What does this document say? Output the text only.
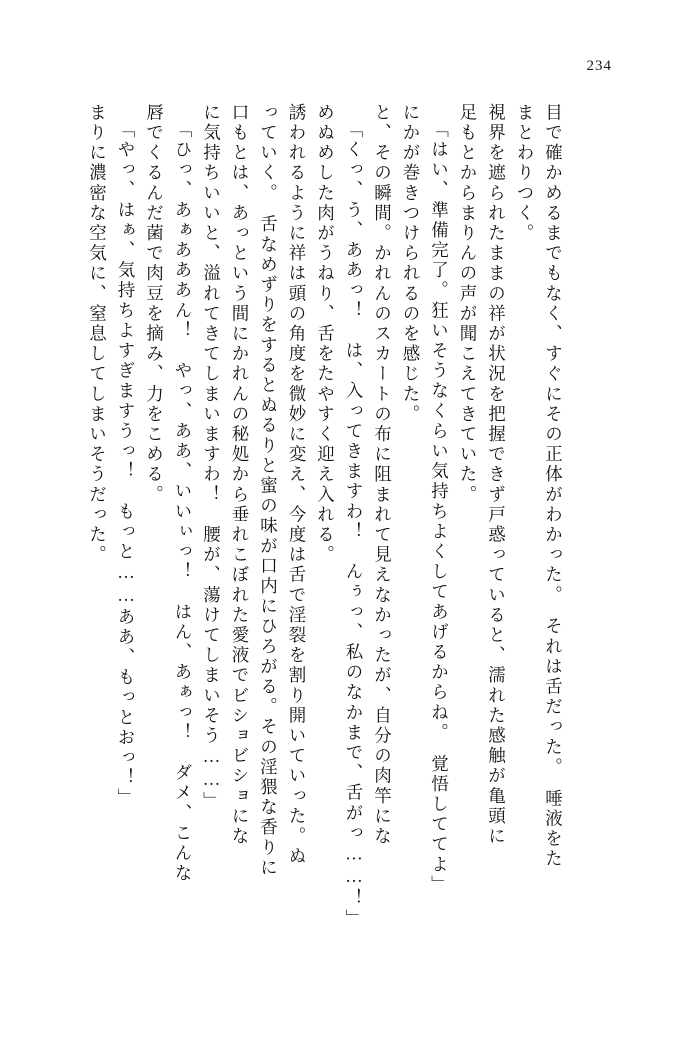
234
まりに濃密な空気に、窒息してしまいそうだった。 「やっ、はぁ、気持ちよすぎますうっ！　もっと……ああ、もっとおっ！」 唇でくるんだ菌で肉豆を摘み、力をこめる。 「ひっ、あぁあああん！　やっ、ああ、いいぃっ！　はん、あぁっ！　ダメ、こんな に気持ちいいと、溢れてきてしまいますわ！　腰が、蕩けてしまいそう……」 口もとは、あっという間にかれんの秘処から垂れこぼれた愛液でビショビショにな っていく。　舌なめずりをするとぬるりと蜜の味が口内にひろがる。その淫猥な香りに 誘われるように祥は頭の角度を微妙に変え、今度は舌で淫裂を割り開いていった。ぬ めぬめした肉がうねり、舌をたやすく迎え入れる。 「くっ、う、ああっ！　は、入ってきますわ！　んぅっ、私のなかまで、舌がっ……！」 と、その瞬間。かれんのスカートの布に阻まれて見えなかったが、自分の肉竿にな にかが巻きつけられるのを感じた。 「はい、準備完了。狂いそうなくらい気持ちよくしてあげるからね。　覚悟しててよ」 足もとからまりんの声が聞こえてきていた。 視界を遮られたままの祥が状況を把握できず戸惑っていると、濡れた感触が亀頭に まとわりつく。 目で確かめるまでもなく、すぐにその正体がわかった。　それは舌だった。　唾液をた
